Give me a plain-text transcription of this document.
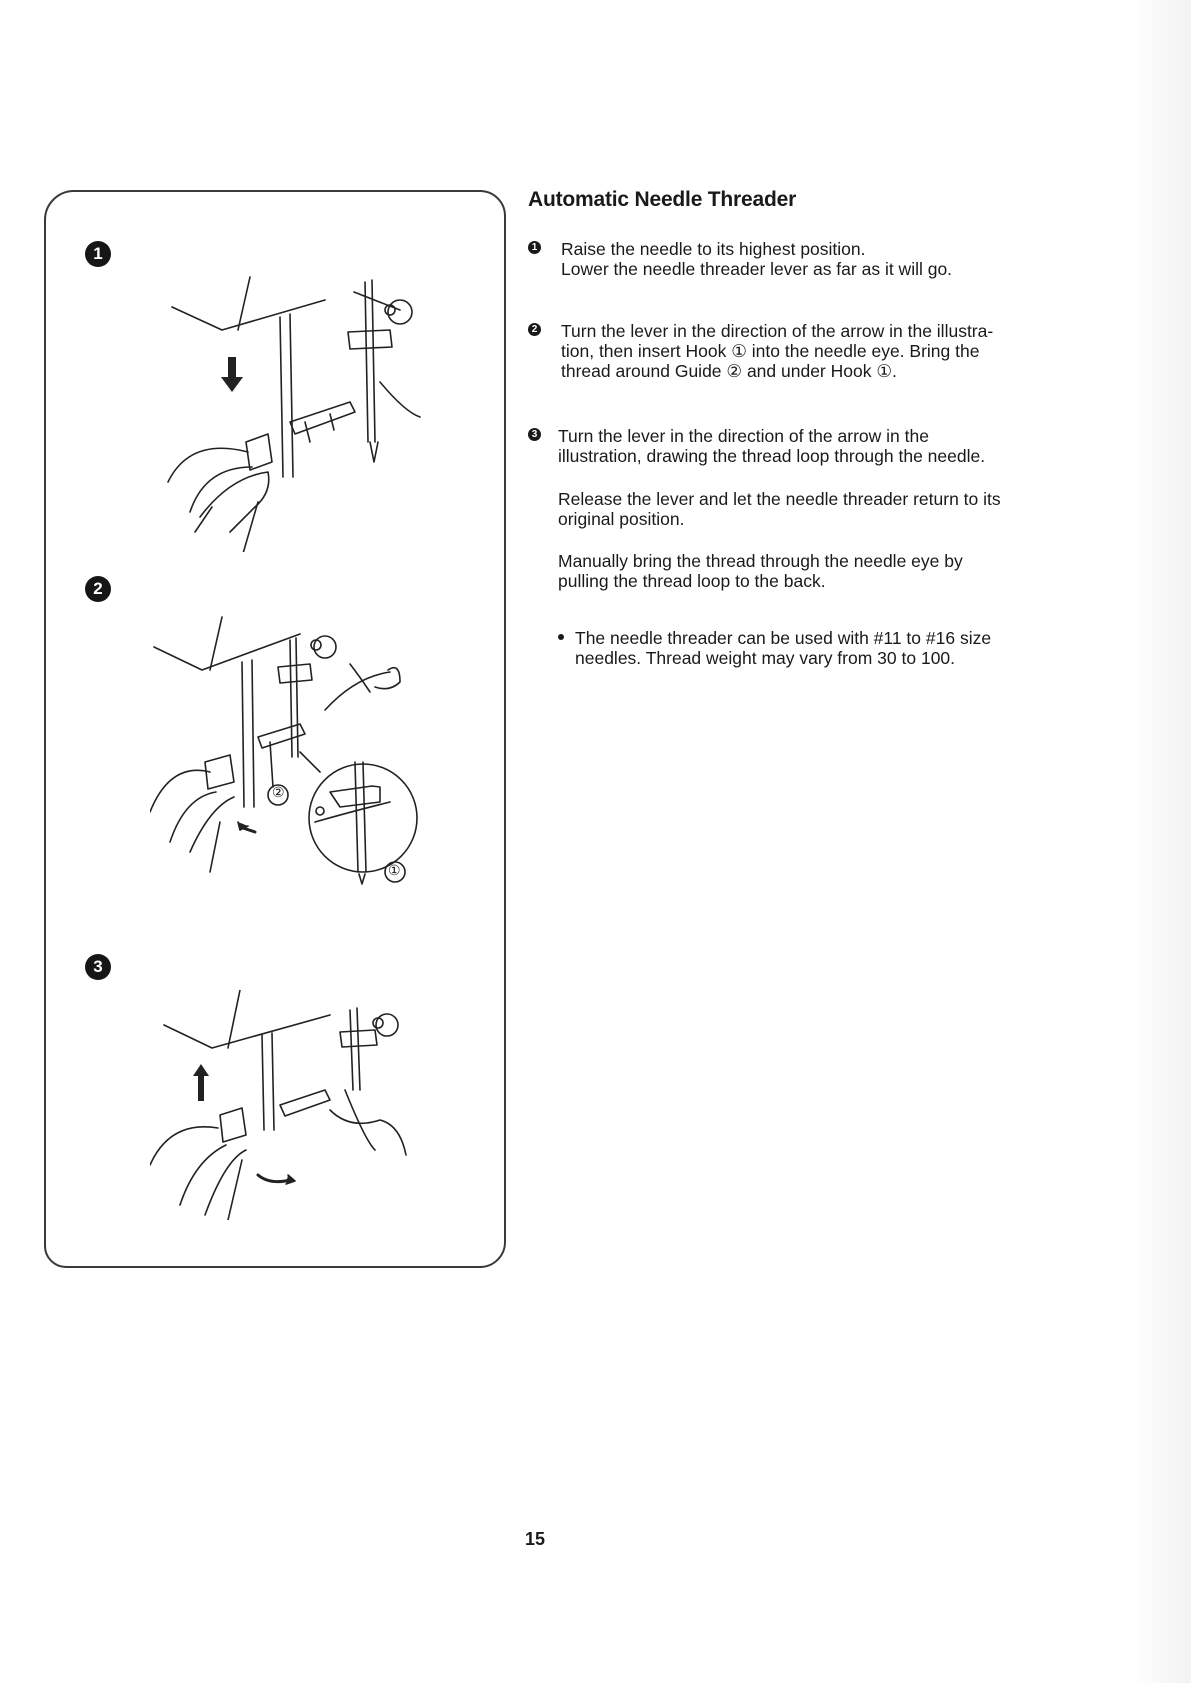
1
2
3
②
①
Automatic Needle Threader
1 Raise the needle to its highest position.
Lower the needle threader lever as far as it will go.
2 Turn the lever in the direction of the arrow in the illustra-
tion, then insert Hook ① into the needle eye. Bring the
thread around Guide ② and under Hook ①.
3 Turn the lever in the direction of the arrow in the
illustration, drawing the thread loop through the needle.
Release the lever and let the needle threader return to its
original position.
Manually bring the thread through the needle eye by
pulling the thread loop to the back.
The needle threader can be used with #11 to #16 size
needles. Thread weight may vary from 30 to 100.
15
